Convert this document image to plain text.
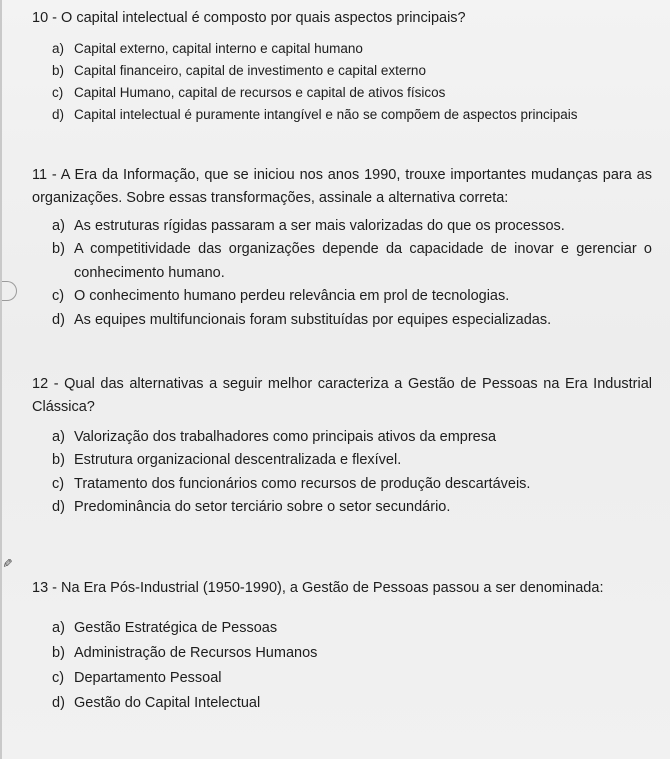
✎
10 - O capital intelectual é composto por quais aspectos principais?
a) Capital externo, capital interno e capital humano
b) Capital financeiro, capital de investimento e capital externo
c) Capital Humano, capital de recursos e capital de ativos físicos
d) Capital intelectual é puramente intangível e não se compõem de aspectos principais
11 - A Era da Informação, que se iniciou nos anos 1990, trouxe importantes mudanças para as organizações. Sobre essas transformações, assinale a alternativa correta:
a) As estruturas rígidas passaram a ser mais valorizadas do que os processos.
b) A competitividade das organizações depende da capacidade de inovar e gerenciar o conhecimento humano.
c) O conhecimento humano perdeu relevância em prol de tecnologias.
d) As equipes multifuncionais foram substituídas por equipes especializadas.
12 - Qual das alternativas a seguir melhor caracteriza a Gestão de Pessoas na Era Industrial Clássica?
a) Valorização dos trabalhadores como principais ativos da empresa
b) Estrutura organizacional descentralizada e flexível.
c) Tratamento dos funcionários como recursos de produção descartáveis.
d) Predominância do setor terciário sobre o setor secundário.
13 - Na Era Pós-Industrial (1950-1990), a Gestão de Pessoas passou a ser denominada:
a) Gestão Estratégica de Pessoas
b) Administração de Recursos Humanos
c) Departamento Pessoal
d) Gestão do Capital Intelectual
